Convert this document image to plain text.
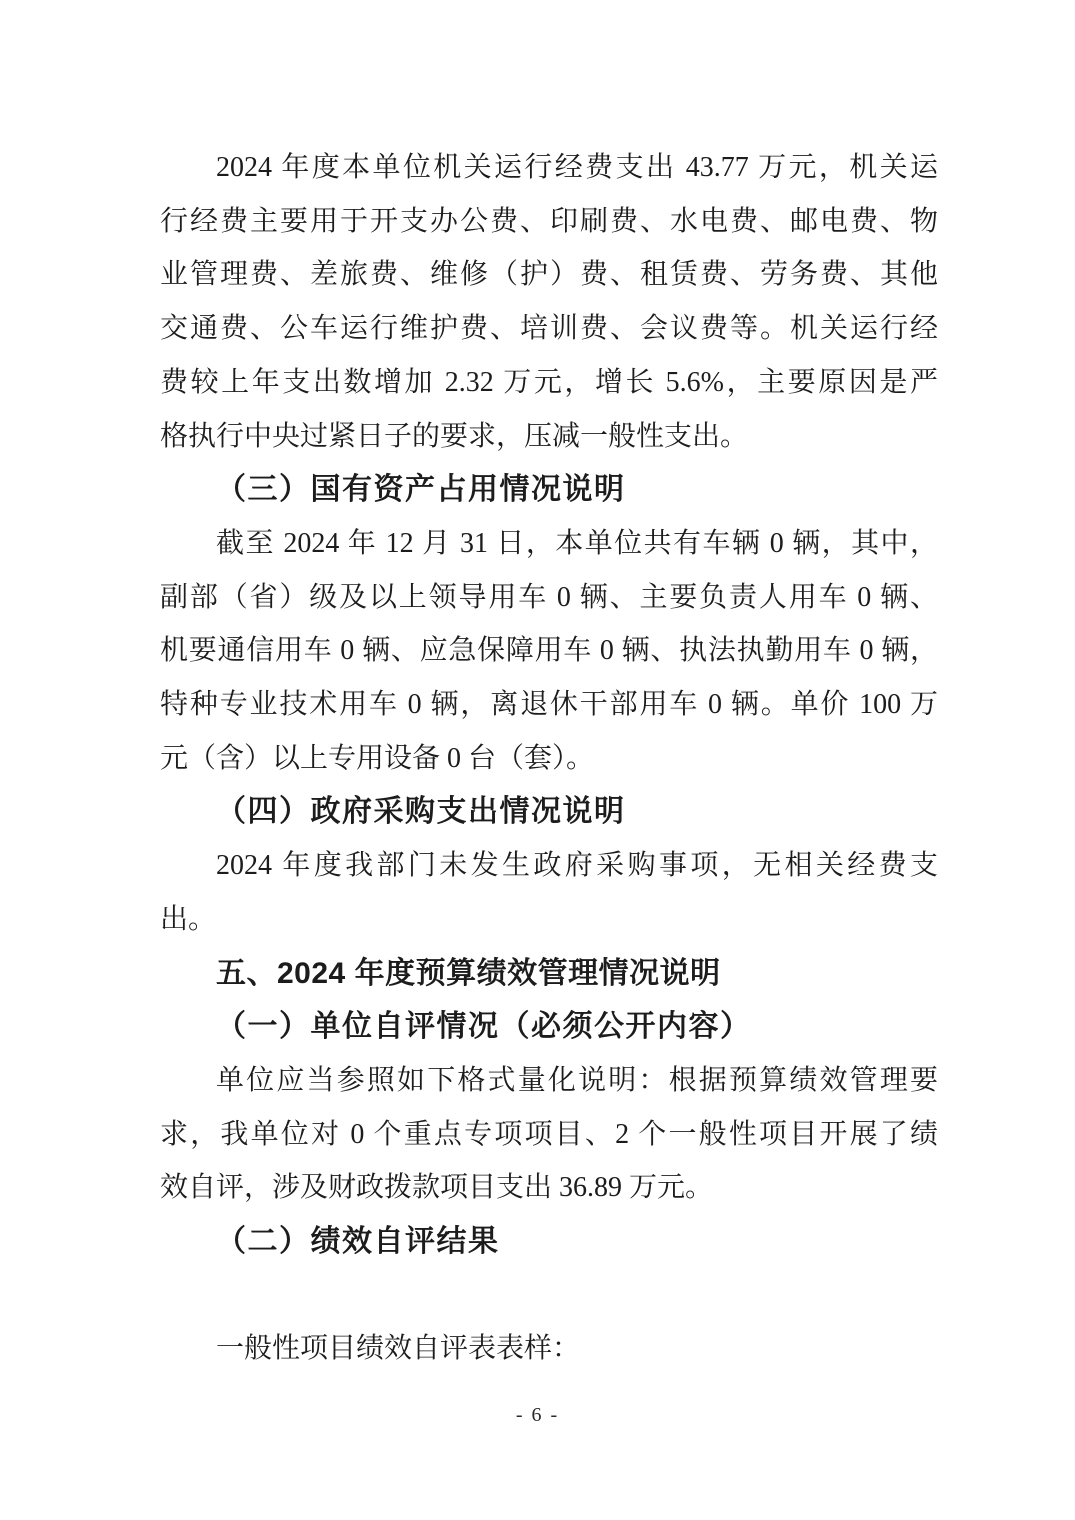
2024 年度本单位机关运行经费支出 43.77 万元，机关运
行经费主要用于开支办公费、印刷费、水电费、邮电费、物
业管理费、差旅费、维修（护）费、租赁费、劳务费、其他
交通费、公车运行维护费、培训费、会议费等。机关运行经
费较上年支出数增加 2.32 万元，增长 5.6%，主要原因是严
格执行中央过紧日子的要求，压减一般性支出。
（三）国有资产占用情况说明
截至 2024 年 12 月 31 日，本单位共有车辆 0 辆，其中，
副部（省）级及以上领导用车 0 辆、主要负责人用车 0 辆、
机要通信用车 0 辆、应急保障用车 0 辆、执法执勤用车 0 辆，
特种专业技术用车 0 辆，离退休干部用车 0 辆。单价 100 万
元（含）以上专用设备 0 台（套）。
（四）政府采购支出情况说明
2024 年度我部门未发生政府采购事项，无相关经费支
出。
五、2024 年度预算绩效管理情况说明
（一）单位自评情况（必须公开内容）
单位应当参照如下格式量化说明：根据预算绩效管理要
求，我单位对 0 个重点专项项目、2 个一般性项目开展了绩
效自评，涉及财政拨款项目支出 36.89 万元。
（二）绩效自评结果
一般性项目绩效自评表表样：
- 6 -
